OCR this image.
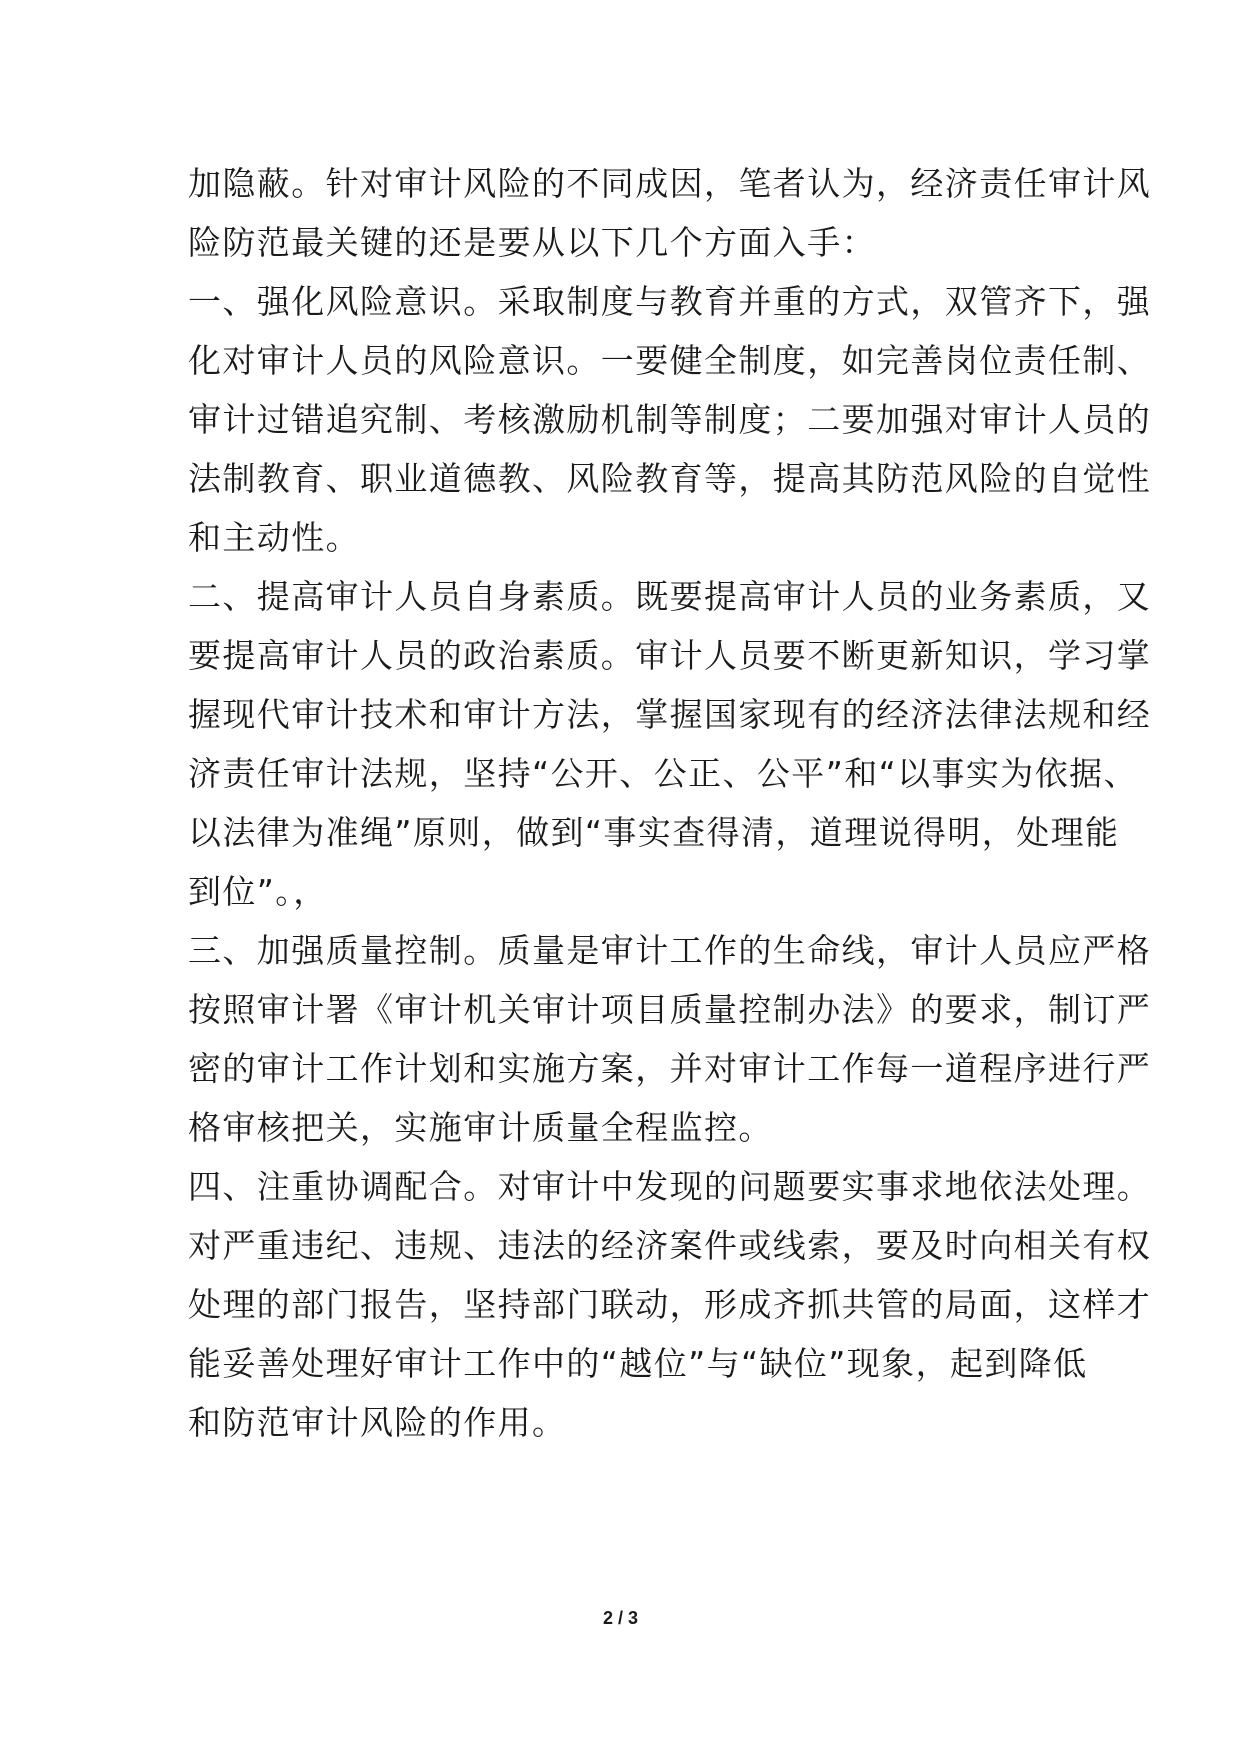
加隐蔽。针对审计风险的不同成因，笔者认为，经济责任审计风
险防范最关键的还是要从以下几个方面入手：
一、强化风险意识。采取制度与教育并重的方式，双管齐下，强
化对审计人员的风险意识。一要健全制度，如完善岗位责任制、
审计过错追究制、考核激励机制等制度；二要加强对审计人员的
法制教育、职业道德教、风险教育等，提高其防范风险的自觉性
和主动性。
二、提高审计人员自身素质。既要提高审计人员的业务素质，又
要提高审计人员的政治素质。审计人员要不断更新知识，学习掌
握现代审计技术和审计方法，掌握国家现有的经济法律法规和经
济责任审计法规，坚持“公开、公正、公平”和“以事实为依据、
以法律为准绳”原则，做到“事实查得清，道理说得明，处理能
到位”。，
三、加强质量控制。质量是审计工作的生命线，审计人员应严格
按照审计署《审计机关审计项目质量控制办法》的要求，制订严
密的审计工作计划和实施方案，并对审计工作每一道程序进行严
格审核把关，实施审计质量全程监控。
四、注重协调配合。对审计中发现的问题要实事求地依法处理。
对严重违纪、违规、违法的经济案件或线索，要及时向相关有权
处理的部门报告，坚持部门联动，形成齐抓共管的局面，这样才
能妥善处理好审计工作中的“越位”与“缺位”现象，起到降低
和防范审计风险的作用。
2 / 3
